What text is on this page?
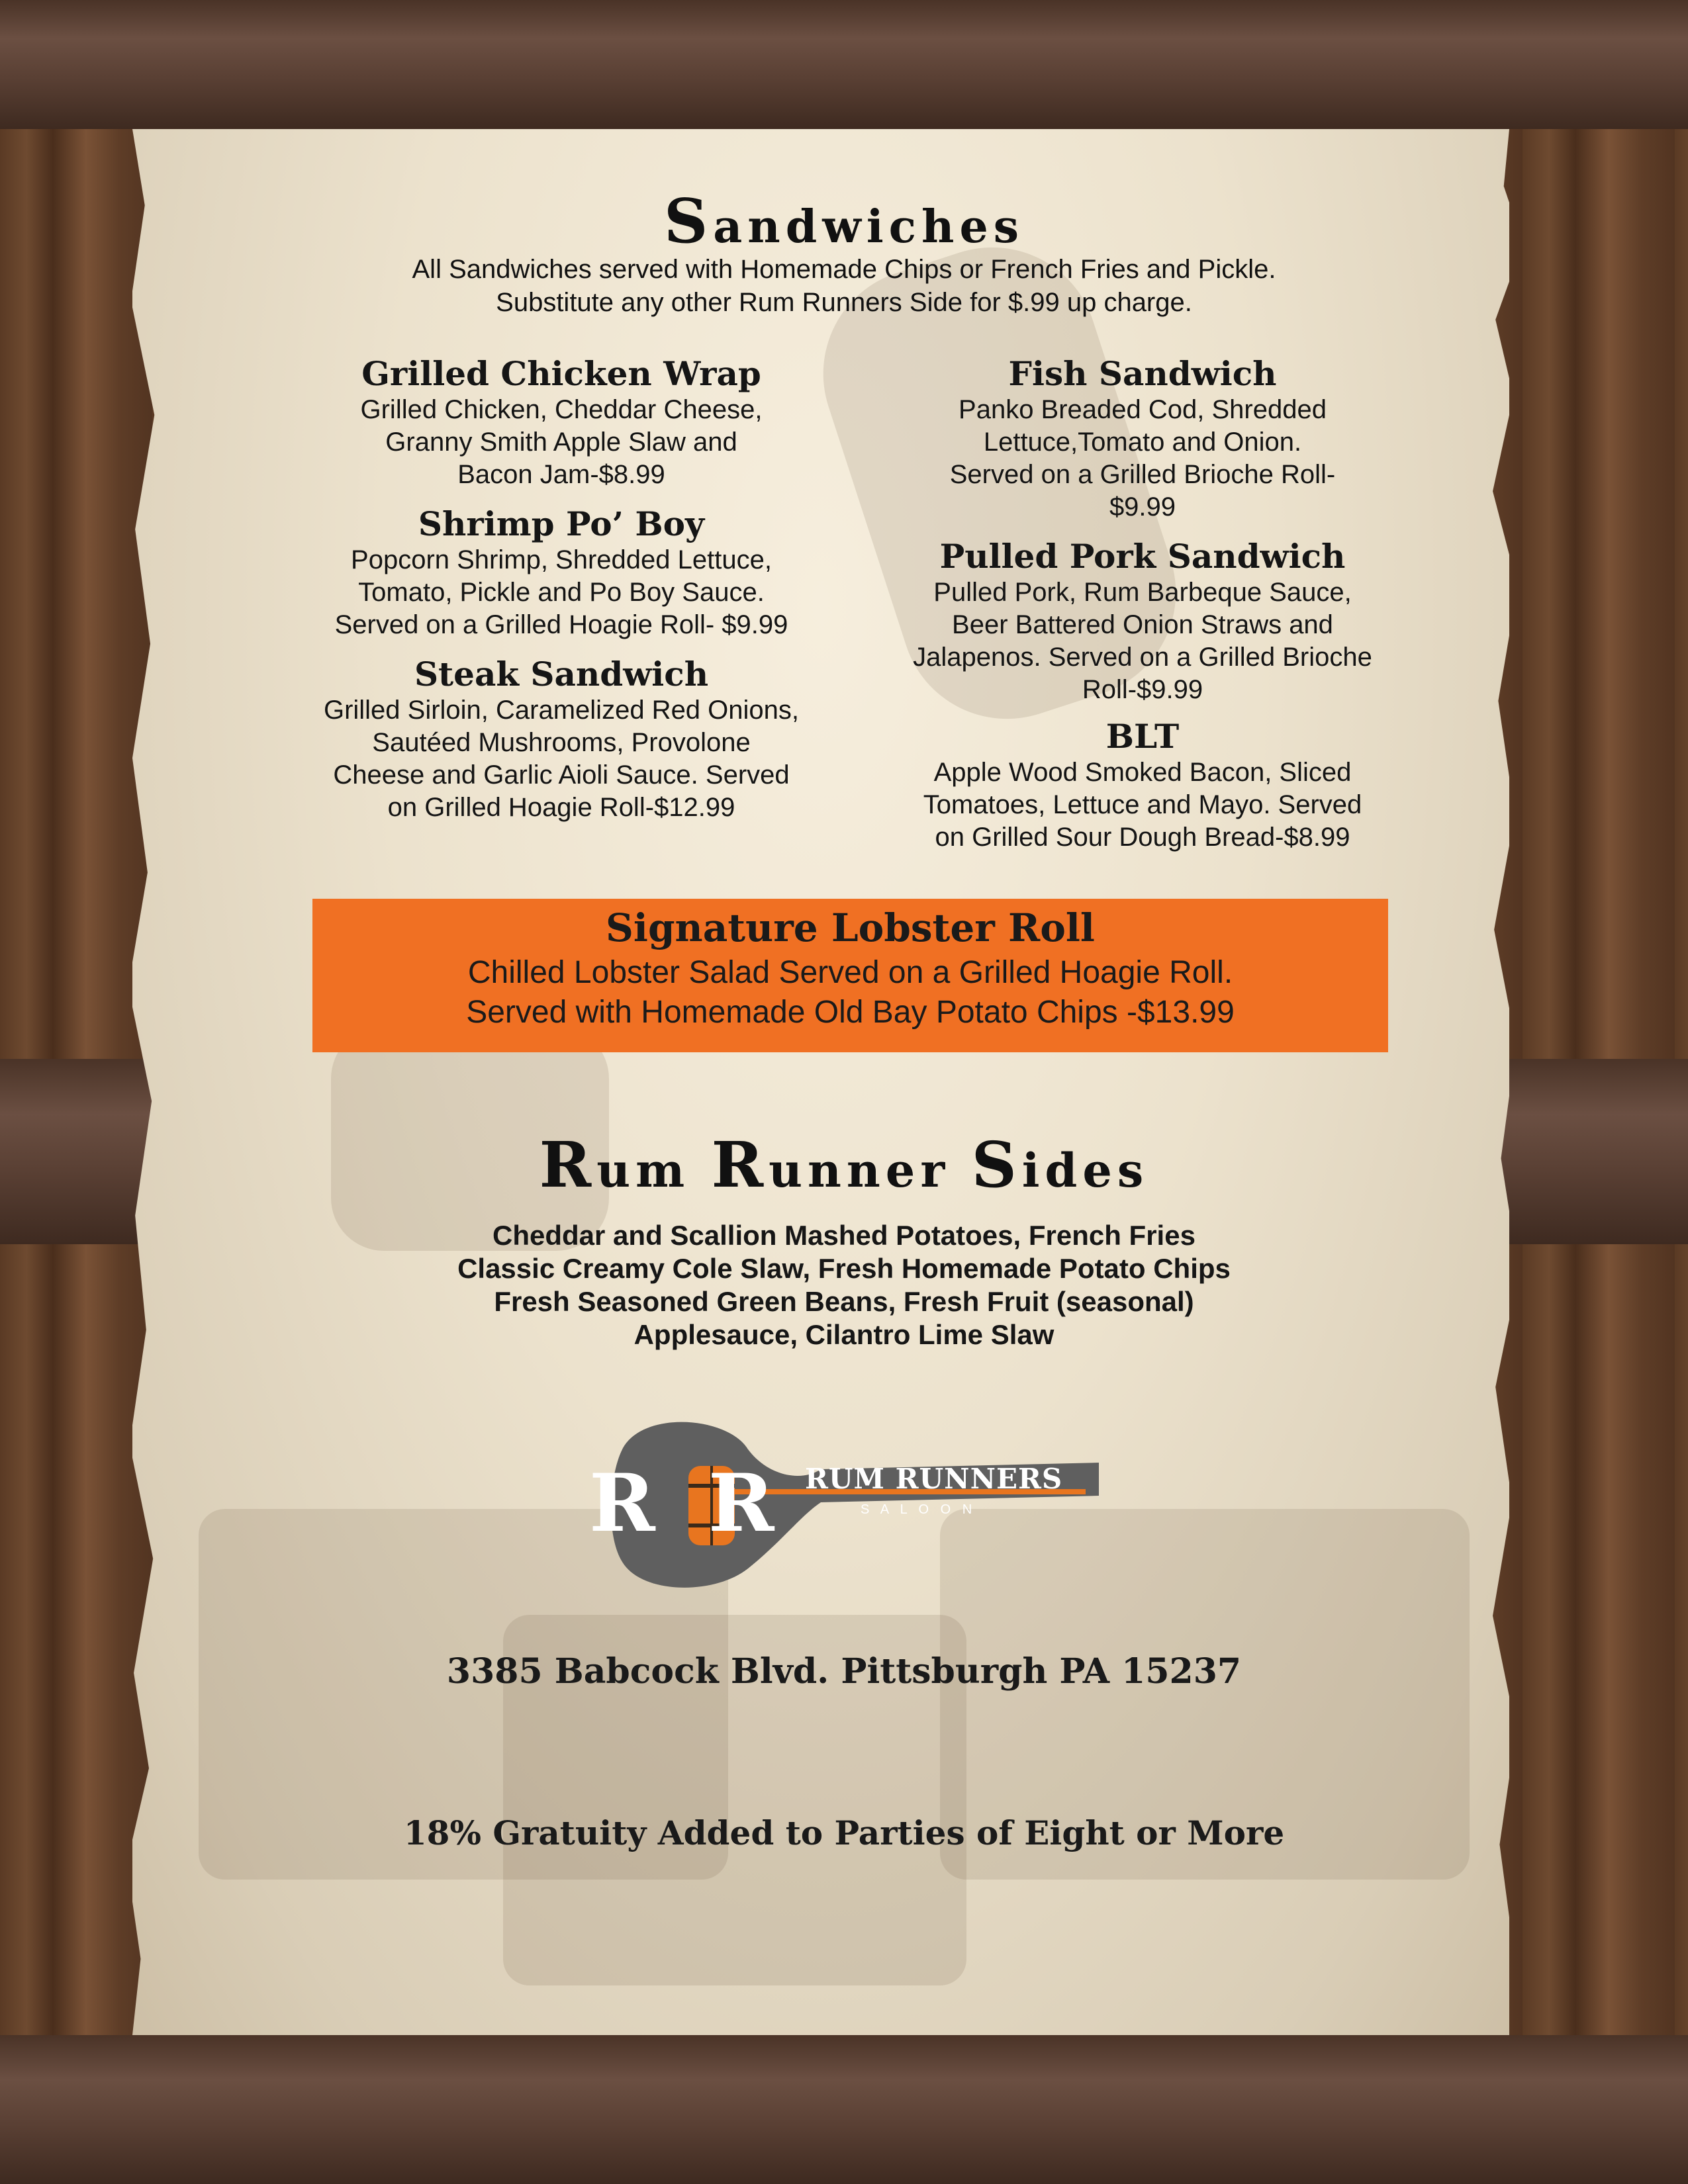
Sandwiches
All Sandwiches served with Homemade Chips or French Fries and Pickle.
Substitute any other Rum Runners Side for $.99 up charge.
Grilled Chicken Wrap
Grilled Chicken, Cheddar Cheese,
Granny Smith Apple Slaw and
Bacon Jam-$8.99
Shrimp Po’ Boy
Popcorn Shrimp, Shredded Lettuce,
Tomato, Pickle and Po Boy Sauce.
Served on a Grilled Hoagie Roll- $9.99
Steak Sandwich
Grilled Sirloin, Caramelized Red Onions,
Sautéed Mushrooms, Provolone
Cheese and Garlic Aioli Sauce. Served
on Grilled Hoagie Roll-$12.99
Fish Sandwich
Panko Breaded Cod, Shredded
Lettuce,Tomato and Onion.
Served on a Grilled Brioche Roll-
$9.99
Pulled Pork Sandwich
Pulled Pork, Rum Barbeque Sauce,
Beer Battered Onion Straws and
Jalapenos. Served on a Grilled Brioche
Roll-$9.99
BLT
Apple Wood Smoked Bacon, Sliced
Tomatoes, Lettuce and Mayo. Served
on Grilled Sour Dough Bread-$8.99
Signature Lobster Roll
Chilled Lobster Salad Served on a Grilled Hoagie Roll.
Served with Homemade Old Bay Potato Chips -$13.99
Rum Runner Sides
Cheddar and Scallion Mashed Potatoes, French Fries
Classic Creamy Cole Slaw, Fresh Homemade Potato Chips
Fresh Seasoned Green Beans, Fresh Fruit (seasonal)
Applesauce, Cilantro Lime Slaw
RR
RUM RUNNERS
S A L O O N
3385 Babcock Blvd. Pittsburgh PA 15237
18% Gratuity Added to Parties of Eight or More
